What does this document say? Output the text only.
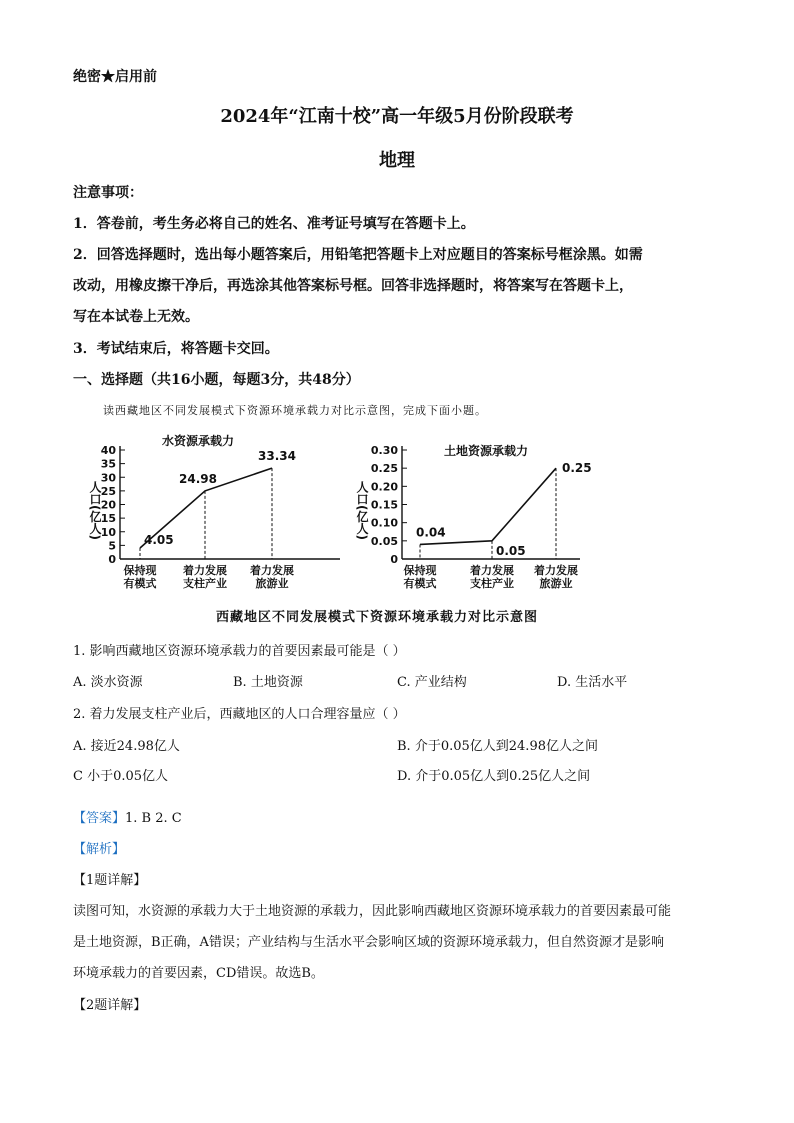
绝密★启用前
2024年“江南十校”高一年级5月份阶段联考
地理
注意事项：
1．答卷前，考生务必将自己的姓名、准考证号填写在答题卡上。
2．回答选择题时，选出每小题答案后，用铅笔把答题卡上对应题目的答案标号框涂黑。如需
改动，用橡皮擦干净后，再选涂其他答案标号框。回答非选择题时，将答案写在答题卡上，
写在本试卷上无效。
3．考试结束后，将答题卡交回。
一、选择题（共16小题，每题3分，共48分）
读西藏地区不同发展模式下资源环境承载力对比示意图，完成下面小题。
0
5
10
15
20
25
30
35
40
人口(亿人)
水资源承载力
4.05
保持现
有模式
24.98
着力发展
支柱产业
33.34
着力发展
旅游业
0
0.05
0.10
0.15
0.20
0.25
0.30
人口(亿人)
土地资源承载力
0.04
保持现
有模式
0.05
着力发展
支柱产业
0.25
着力发展
旅游业
西藏地区不同发展模式下资源环境承载力对比示意图
1. 影响西藏地区资源环境承载力的首要因素最可能是（ ）
A. 淡水资源	B. 土地资源	C. 产业结构	D. 生活水平
2. 着力发展支柱产业后，西藏地区的人口合理容量应（ ）
A. 接近24.98亿人	B. 介于0.05亿人到24.98亿人之间
C 小于0.05亿人	D. 介于0.05亿人到0.25亿人之间
【答案】1. B 2. C
【解析】
【1题详解】
读图可知，水资源的承载力大于土地资源的承载力，因此影响西藏地区资源环境承载力的首要因素最可能
是土地资源，B正确，A错误；产业结构与生活水平会影响区域的资源环境承载力，但自然资源才是影响
环境承载力的首要因素，CD错误。故选B。
【2题详解】
